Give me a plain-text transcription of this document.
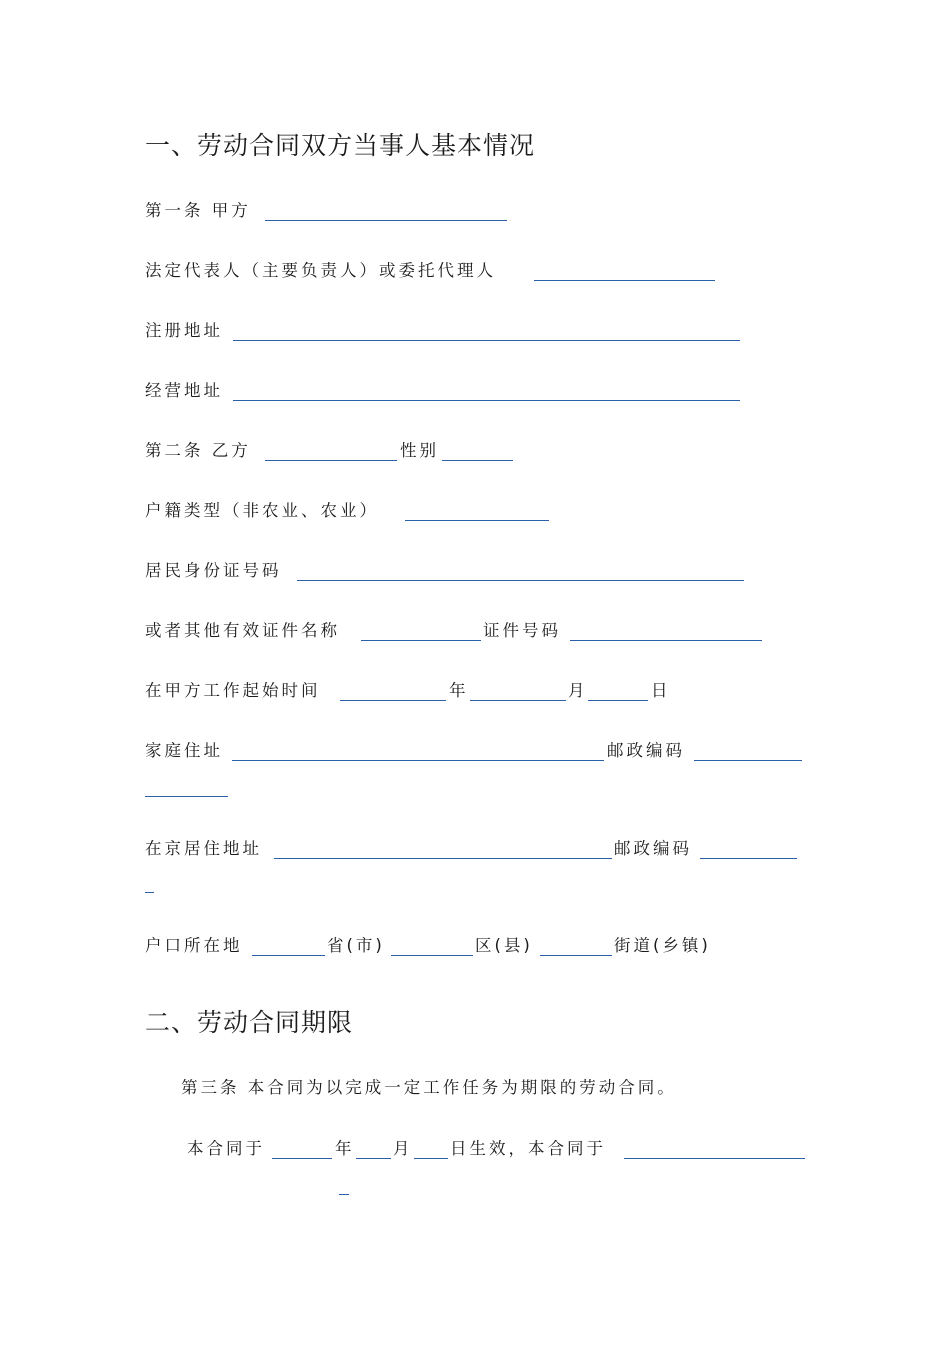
一、劳动合同双方当事人基本情况
第一条 甲方
法定代表人（主要负责人）或委托代理人
注册地址
经营地址
第二条 乙方	性别
户籍类型（非农业、农业）
居民身份证号码
或者其他有效证件名称	证件号码
在甲方工作起始时间	年	月	日
家庭住址	邮政编码
在京居住地址	邮政编码
户口所在地	省(市)	区(县)	街道(乡镇)
二、劳动合同期限
第三条 本合同为以完成一定工作任务为期限的劳动合同。
本合同于	年 月 日生效，本合同于
